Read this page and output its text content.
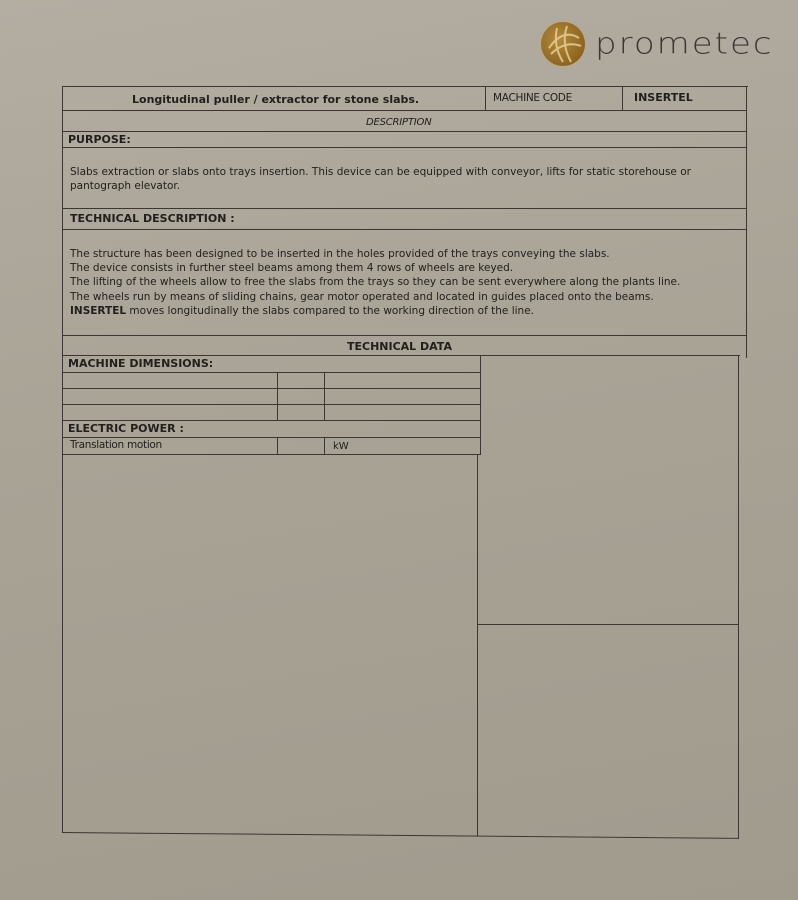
prometec
Longitudinal puller / extractor for stone slabs.	MACHINE CODE	INSERTEL
DESCRIPTION
PURPOSE:
Slabs extraction or slabs onto trays insertion. This device can be equipped with conveyor, lifts for static storehouse or
pantograph elevator.
TECHNICAL DESCRIPTION :
The structure has been designed to be inserted in the holes provided of the trays conveying the slabs.
The device consists in further steel beams among them 4 rows of wheels are keyed.
The lifting of the wheels allow to free the slabs from the trays so they can be sent everywhere along the plants line.
The wheels run by means of sliding chains, gear motor operated and located in guides placed onto the beams.
INSERTEL moves longitudinally the slabs compared to the working direction of the line.
TECHNICAL DATA
MACHINE DIMENSIONS:
ELECTRIC POWER :
Translation motion	kW
